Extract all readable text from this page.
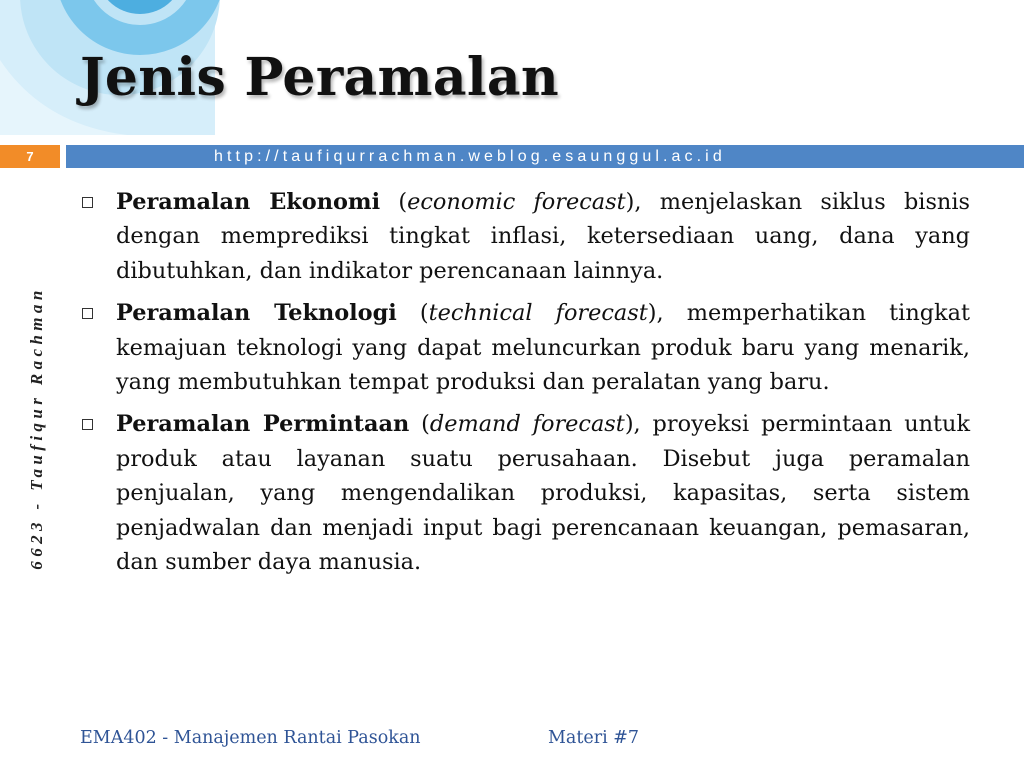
Jenis Peramalan
7	http://taufiqurrachman.weblog.esaunggul.ac.id
6623 - Taufiqur Rachman
Peramalan Ekonomi (economic forecast), menjelaskan siklus bisnis dengan memprediksi tingkat inflasi, ketersediaan uang, dana yang dibutuhkan, dan indikator perencanaan lainnya.
Peramalan Teknologi (technical forecast), memperhatikan tingkat kemajuan teknologi yang dapat meluncurkan produk baru yang menarik, yang membutuhkan tempat produksi dan peralatan yang baru.
Peramalan Permintaan (demand forecast), proyeksi permintaan untuk produk atau layanan suatu perusahaan. Disebut juga peramalan penjualan, yang mengendalikan produksi, kapasitas, serta sistem penjadwalan dan menjadi input bagi perencanaan keuangan, pemasaran, dan sumber daya manusia.
EMA402 - Manajemen Rantai Pasokan	Materi #7
